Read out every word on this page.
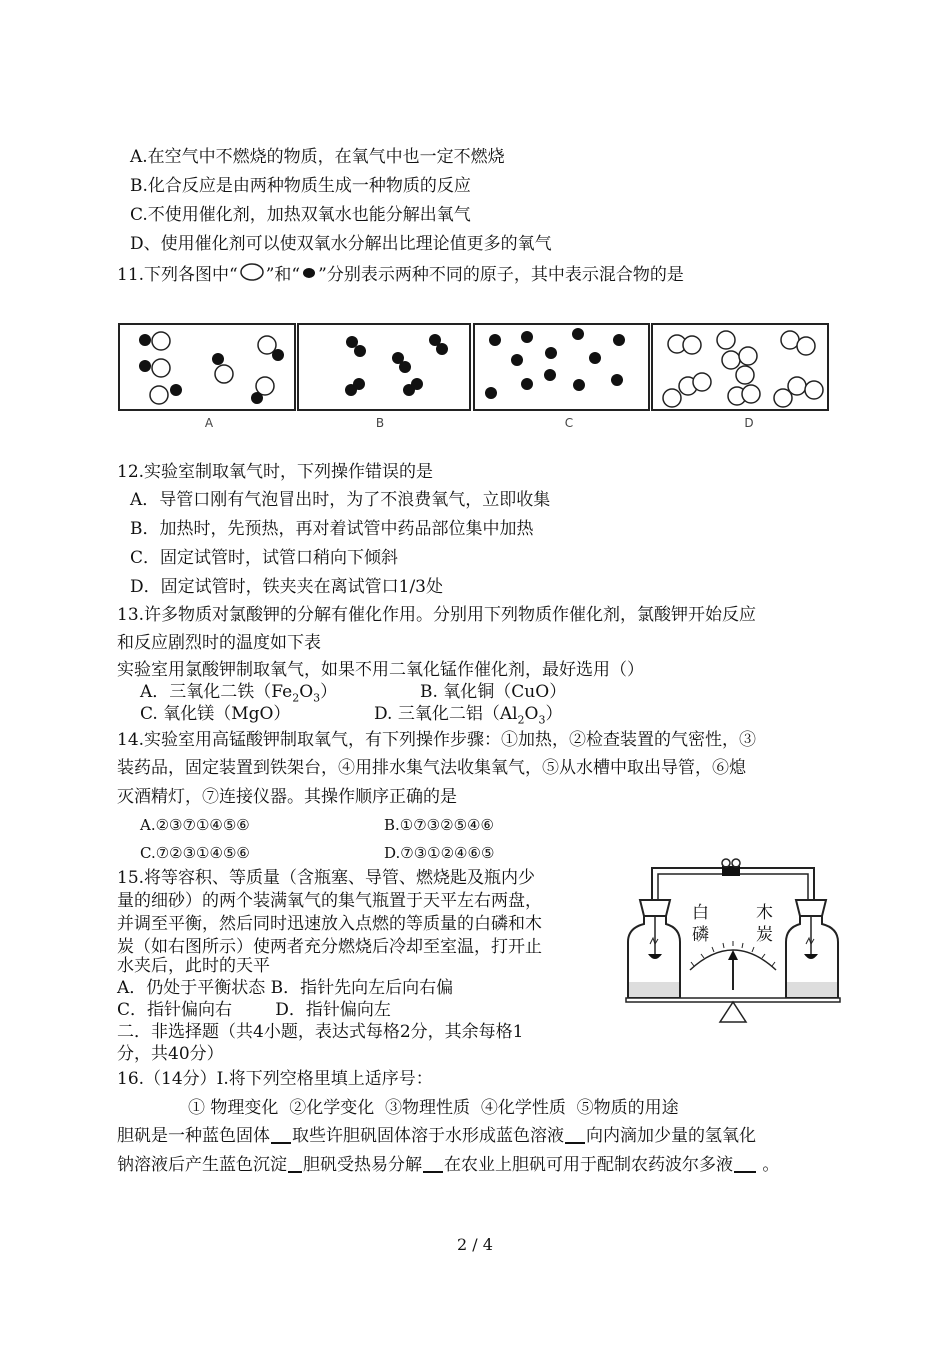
A.在空气中不燃烧的物质，在氧气中也一定不燃烧
B.化合反应是由两种物质生成一种物质的反应
C.不使用催化剂，加热双氧水也能分解出氧气
D、使用催化剂可以使双氧水分解出比理论值更多的氧气
11.下列各图中“ ”和“ ”分别表示两种不同的原子，其中表示混合物的是
A	B	C	D
12.实验室制取氧气时，下列操作错误的是
A．导管口刚有气泡冒出时，为了不浪费氧气，立即收集
B．加热时，先预热，再对着试管中药品部位集中加热
C．固定试管时，试管口稍向下倾斜
D．固定试管时，铁夹夹在离试管口1/3处
13.许多物质对氯酸钾的分解有催化作用。分别用下列物质作催化剂，氯酸钾开始反应
和反应剧烈时的温度如下表
实验室用氯酸钾制取氧气，如果不用二氧化锰作催化剂，最好选用（）
A．三氧化二铁$(Fe_2O_3)$	B. 氧化铜（CuO）
C. 氧化镁（MgO）	D. 三氧化二铝$(Al_2O_3)$
14.实验室用高锰酸钾制取氧气，有下列操作步骤：①加热，②检查装置的气密性，③
装药品，固定装置到铁架台，④用排水集气法收集氧气，⑤从水槽中取出导管，⑥熄
灭酒精灯，⑦连接仪器。其操作顺序正确的是
A.②③⑦①④⑤⑥	B.①⑦③②⑤④⑥
C.⑦②③①④⑤⑥	D.⑦③①②④⑥⑤
15.将等容积、等质量（含瓶塞、导管、燃烧匙及瓶内少
量的细砂）的两个装满氧气的集气瓶置于天平左右两盘，
并调至平衡，然后同时迅速放入点燃的等质量的白磷和木
炭（如右图所示）使两者充分燃烧后冷却至室温，打开止
水夹后，此时的天平
A．仍处于平衡状态 B．指针先向左后向右偏
C．指针偏向右        D．指针偏向左
白
磷
木
炭
二．非选择题（共4小题，表达式每格2分，其余每格1
分，共40分）
16.（14分）I.将下列空格里填上适序号：
① 物理变化  ②化学变化  ③物理性质  ④化学性质  ⑤物质的用途
胆矾是一种蓝色固体 取些许胆矾固体溶于水形成蓝色溶液 向内滴加少量的氢氧化
钠溶液后产生蓝色沉淀 胆矾受热易分解 在农业上胆矾可用于配制农药波尔多液 。
2 / 4
